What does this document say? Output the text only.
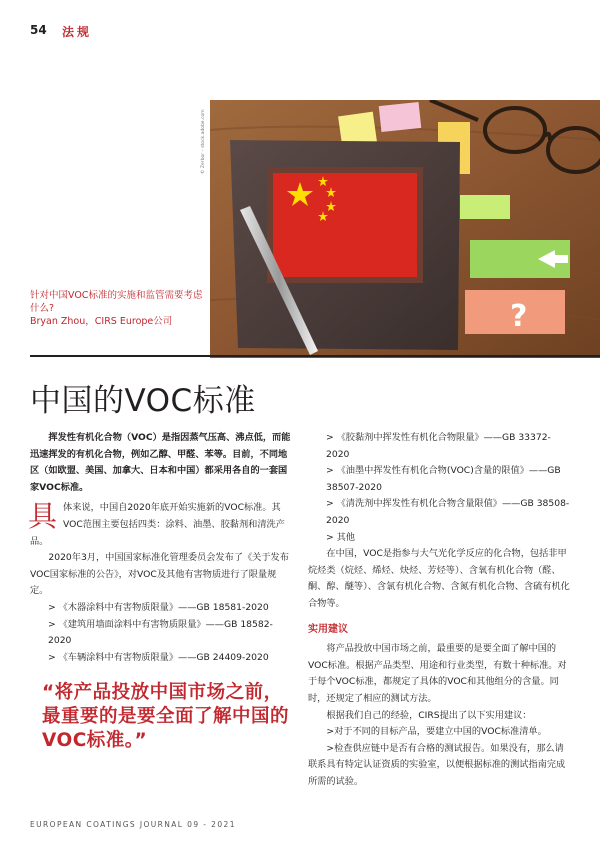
54 法规
© Zerbor – stock.adobe.com
?
针对中国VOC标准的实施和监管需要考虑什么?
Bryan Zhou，CIRS Europe公司
中国的VOC标准

挥发性有机化合物（VOC）是指因蒸气压高、沸点低，而能迅速挥发的有机化合物，例如乙醇、甲醛、苯等。目前，不同地区（如欧盟、美国、加拿大、日本和中国）都采用各自的一套国家VOC标准。

具体来说，中国自2020年底开始实施新的VOC标准。其VOC范围主要包括四类：涂料、油墨、胶黏剂和清洗产品。

2020年3月，中国国家标准化管理委员会发布了《关于发布VOC国家标准的公告》，对VOC及其他有害物质进行了限量规定。

> 《木器涂料中有害物质限量》——GB 18581-2020

> 《建筑用墙面涂料中有害物质限量》——GB 18582-2020

> 《车辆涂料中有害物质限量》——GB 24409-2020

“将产品投放中国市场之前，最重要的是要全面了解中国的VOC标准。”

> 《胶黏剂中挥发性有机化合物限量》——GB 33372-2020

> 《油墨中挥发性有机化合物(VOC)含量的限值》——GB 38507-2020

> 《清洗剂中挥发性有机化合物含量限值》——GB 38508-2020

> 其他

在中国，VOC是指参与大气光化学反应的化合物，包括非甲烷烃类（烷烃、烯烃、炔烃、芳烃等）、含氧有机化合物（醛、酮、醇、醚等）、含氯有机化合物、含氮有机化合物、含硫有机化合物等。

实用建议

将产品投放中国市场之前，最重要的是要全面了解中国的VOC标准。根据产品类型、用途和行业类型，有数十种标准。对于每个VOC标准，都规定了具体的VOC和其他组分的含量。同时，还规定了相应的测试方法。

根据我们自己的经验，CIRS提出了以下实用建议：

>对于不同的目标产品，要建立中国的VOC标准清单。

>检查供应链中是否有合格的测试报告。如果没有，那么请联系具有特定认证资质的实验室，以便根据标准的测试指南完成所需的试验。

EUROPEAN COATINGS JOURNAL 09 - 2021
